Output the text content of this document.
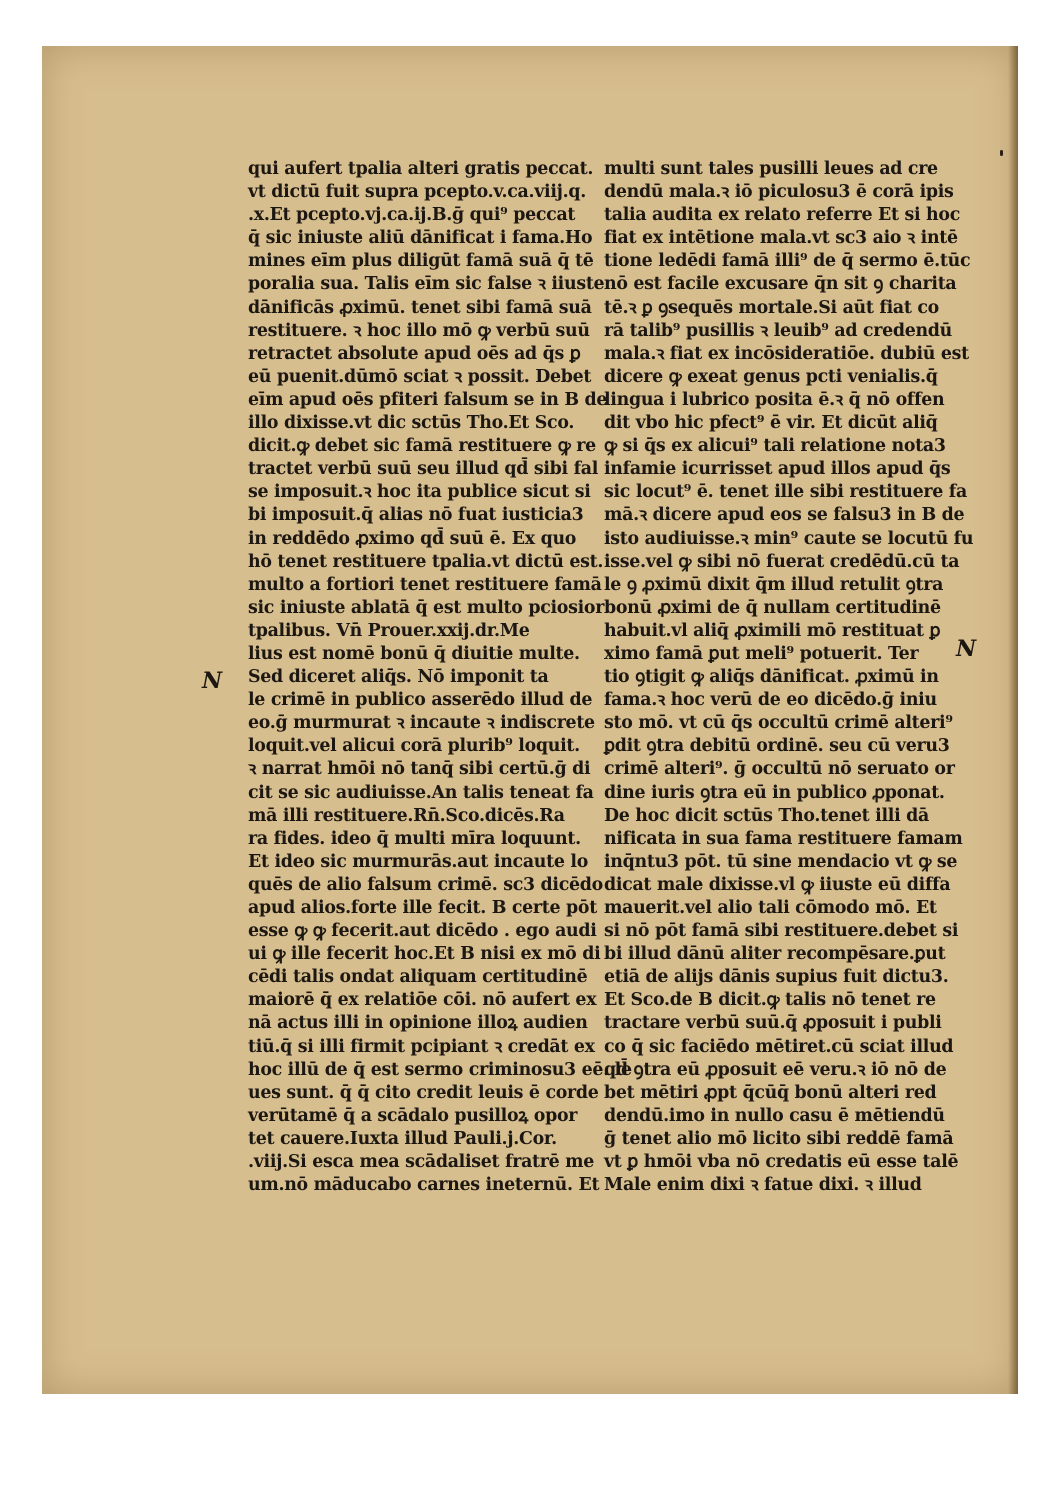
qui aufert tpalia alteri gratis peccat.
vt dictū fuit supra pcepto.v.ca.viij.q.
.x.Et pcepto.vj.ca.ij.B.ḡ qui⁹ peccat
q̄ sic iniuste aliū dānificat i fama.Ho
mines eīm plus diligūt famā suā q̄ tē
poralia sua. Talis eīm sic false ꝛ iiuste
dānificās ꝓximū. tenet sibi famā suā
restituere. ꝛ hoc illo mō ꝙ verbū suū
retractet absolute apud oēs ad q̄s ꝑ
eū puenit.dūmō sciat ꝛ possit. Debet
eīm apud oēs pfiteri falsum se in B de
illo dixisse.vt dic sctūs Tho.Et Sco.
dicit.ꝙ debet sic famā restituere ꝙ re
tractet verbū suū seu illud qd̄ sibi fal
se imposuit.ꝛ hoc ita publice sicut si
bi imposuit.q̄ alias nō fuat iusticia3
in reddēdo ꝓximo qd̄ suū ē. Ex quo
hō tenet restituere tpalia.vt dictū est.
multo a fortiori tenet restituere famā
sic iniuste ablatā q̄ est multo pciosior
tpalibus. Vn̄ Prouer.xxij.dr.Me
lius est nomē bonū q̄ diuitie multe.
Sed diceret aliq̄s. Nō imponit ta
le crimē in publico asserēdo illud de
eo.ḡ murmurat ꝛ incaute ꝛ indiscrete
loquit.vel alicui corā plurib⁹ loquit.
ꝛ narrat hmōi nō tanq̄ sibi certū.ḡ di
cit se sic audiuisse.An talis teneat fa
mā illi restituere.Rn̄.Sco.dicēs.Ra
ra fides. ideo q̄ multi mīra loquunt.
Et ideo sic murmurās.aut incaute lo
quēs de alio falsum crimē. sc3 dicēdo
apud alios.forte ille fecit. B certe pōt
esse ꝙ ꝙ fecerit.aut dicēdo . ego audi
ui ꝙ ille fecerit hoc.Et B nisi ex mō di
cēdi talis ondat aliquam certitudinē
maiorē q̄ ex relatiōe cōi. nō aufert ex
nā actus illi in opinione illoꝝ audien
tiū.q̄ si illi firmit pcipiant ꝛ credāt ex
hoc illū de q̄ est sermo criminosu3 eē. le
ues sunt. q̄ q̄ cito credit leuis ē corde
verūtamē q̄ a scādalo pusilloꝝ opor
tet cauere.Iuxta illud Pauli.j.Cor.
.viij.Si esca mea scādaliset fratrē me
um.nō māducabo carnes ineternū. Et
multi sunt tales pusilli leues ad cre
dendū mala.ꝛ iō piculosu3 ē corā ipis
talia audita ex relato referre Et si hoc
fiat ex intētione mala.vt sc3 aio ꝛ intē
tione ledēdi famā illi⁹ de q̄ sermo ē.tūc
nō est facile excusare q̄n sit ꝯ charita
tē.ꝛ ꝑ ꝯsequēs mortale.Si aūt fiat co
rā talib⁹ pusillis ꝛ leuib⁹ ad credendū
mala.ꝛ fiat ex incōsideratiōe. dubiū est
dicere ꝙ exeat genus pcti venialis.q̄
lingua i lubrico posita ē.ꝛ q̄ nō offen
dit vbo hic pfect⁹ ē vir. Et dicūt aliq̄
ꝙ si q̄s ex alicui⁹ tali relatione nota3
infamie icurrisset apud illos apud q̄s
sic locut⁹ ē. tenet ille sibi restituere fa
mā.ꝛ dicere apud eos se falsu3 in B de
isto audiuisse.ꝛ min⁹ caute se locutū fu
isse.vel ꝙ sibi nō fuerat credēdū.cū ta
le ꝯ ꝓximū dixit q̄m illud retulit ꝯtra
bonū ꝓximi de q̄ nullam certitudinē
habuit.vl aliq̄ ꝓximili mō restituat ꝑ
ximo famā ꝑut meli⁹ potuerit. Ter
tio ꝯtigit ꝙ aliq̄s dānificat. ꝓximū in
fama.ꝛ hoc verū de eo dicēdo.ḡ iniu
sto mō. vt cū q̄s occultū crimē alteri⁹
ꝑdit ꝯtra debitū ordinē. seu cū veru3
crimē alteri⁹. ḡ occultū nō seruato or
dine iuris ꝯtra eū in publico ꝓponat.
De hoc dicit sctūs Tho.tenet illi dā
nificata in sua fama restituere famam
inq̄ntu3 pōt. tū sine mendacio vt ꝙ se
dicat male dixisse.vl ꝙ iiuste eū diffa
mauerit.vel alio tali cōmodo mō. Et
si nō pōt famā sibi restituere.debet si
bi illud dānū aliter recompēsare.ꝑut
etiā de alijs dānis supius fuit dictu3.
Et Sco.de B dicit.ꝙ talis nō tenet re
tractare verbū suū.q̄ ꝓposuit i publi
co q̄ sic faciēdo mētiret.cū sciat illud
qd̄ ꝯtra eū ꝓposuit eē veru.ꝛ iō nō de
bet mētiri ꝓpt q̄cūq̄ bonū alteri red
dendū.imo in nullo casu ē mētiendū
ḡ tenet alio mō licito sibi reddē famā
vt ꝑ hmōi vba nō credatis eū esse talē
Male enim dixi ꝛ fatue dixi. ꝛ illud
N
N
